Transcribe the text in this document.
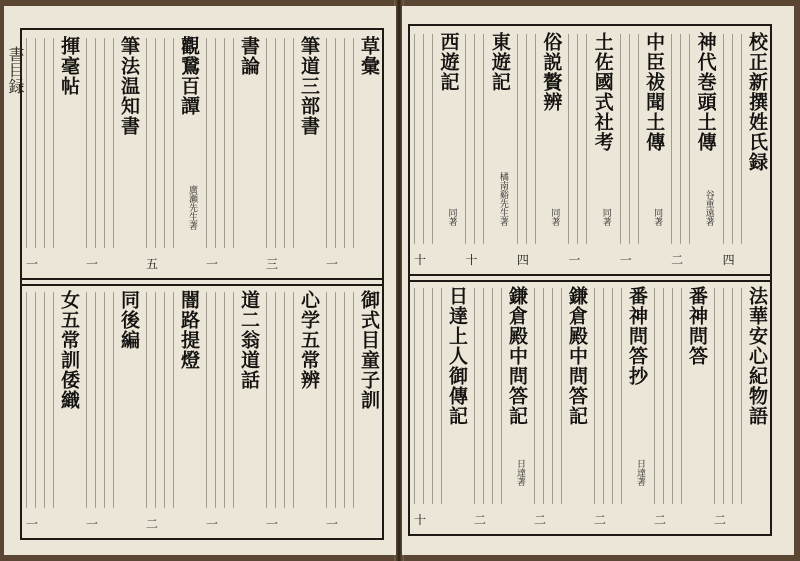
草彙
一
筆道三部書
三
書論
一
觀鵞百譚
廣瀬先生著
五
筆法温知書
一
揮毫帖
一
御式目童子訓
一
心学五常辨
一
道二翁道話
一
闇路提燈
二
同後編
一
女五常訓倭織
一
書目録	校正新撰姓氏録
四
神代巻頭土傳
谷重遠著
二
中臣祓聞土傳
同著
一
土佐國式社考
同著
一
俗説贅辨
同著
四
東遊記
橘南谿先生著
十
西遊記
同著
十
法華安心紀物語
二
番神問答
二
番神問答抄
日達著
二
鎌倉殿中問答記
二
鎌倉殿中問答記
日達著
二
日達上人御傳記
十
